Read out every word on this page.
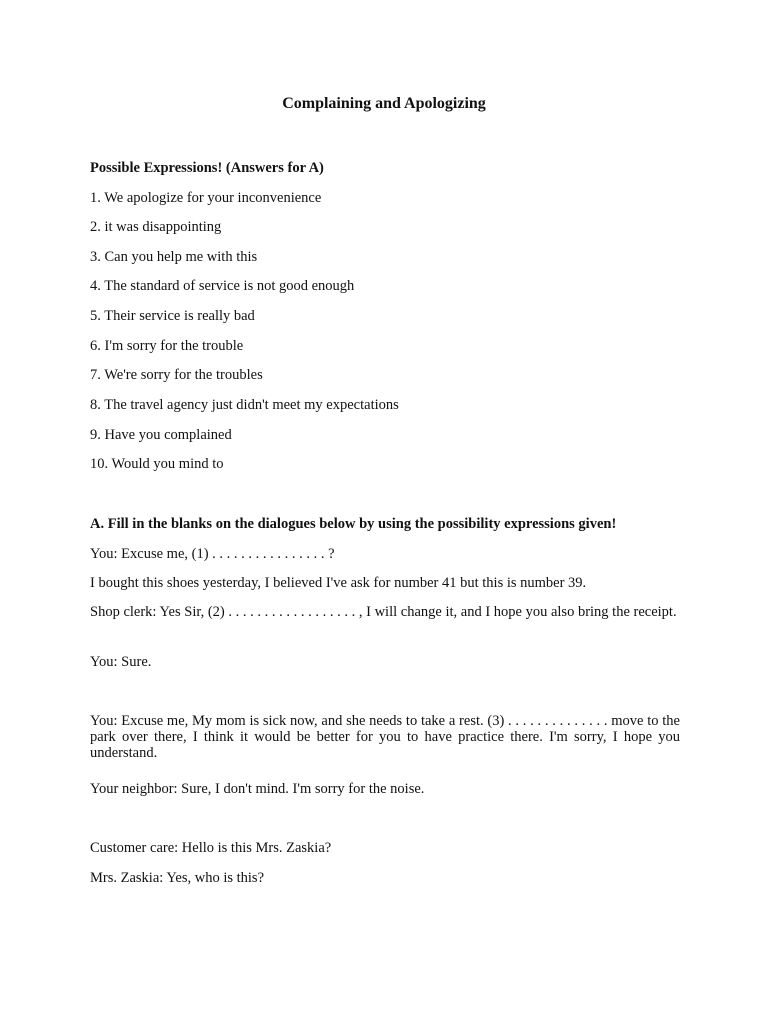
Complaining and Apologizing
Possible Expressions! (Answers for A)
1. We apologize for your inconvenience
2. it was disappointing
3. Can you help me with this
4. The standard of service is not good enough
5. Their service is really bad
6. I'm sorry for the trouble
7. We're sorry for the troubles
8. The travel agency just didn't meet my expectations
9. Have you complained
10. Would you mind to
A. Fill in the blanks on the dialogues below by using the possibility expressions given!
You: Excuse me, (1) . . . . . . . . . . . . . . . . ?
I bought this shoes yesterday, I believed I've ask for number 41 but this is number 39.
Shop clerk: Yes Sir, (2) . . . . . . . . . . . . . . . . . . , I will change it, and I hope you also bring the receipt.
You: Sure.
You: Excuse me, My mom is sick now, and she needs to take a rest. (3) . . . . . . . . . . . . . . move to the park over there, I think it would be better for you to have practice there. I'm sorry, I hope you understand.
Your neighbor: Sure, I don't mind. I'm sorry for the noise.
Customer care: Hello is this Mrs. Zaskia?
Mrs. Zaskia: Yes, who is this?
